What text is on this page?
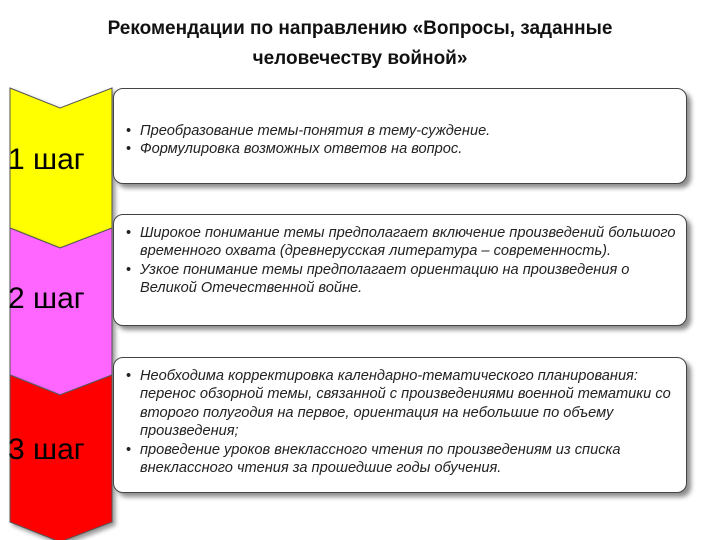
Рекомендации по направлению «Вопросы, заданные
человечеству войной»
1 шаг
2 шаг
3 шаг
• Преобразование темы-понятия в тему-суждение.
• Формулировка возможных ответов на вопрос.
• Широкое понимание темы предполагает включение произведений большого временного охвата (древнерусская литература – современность).
• Узкое понимание темы предполагает ориентацию на произведения о Великой Отечественной войне.
• Необходима корректировка календарно-тематического планирования: перенос обзорной темы, связанной с произведениями военной тематики со второго полугодия на первое, ориентация на небольшие по объему произведения;
• проведение уроков внеклассного чтения по произведениям из списка внеклассного чтения за прошедшие годы обучения.
